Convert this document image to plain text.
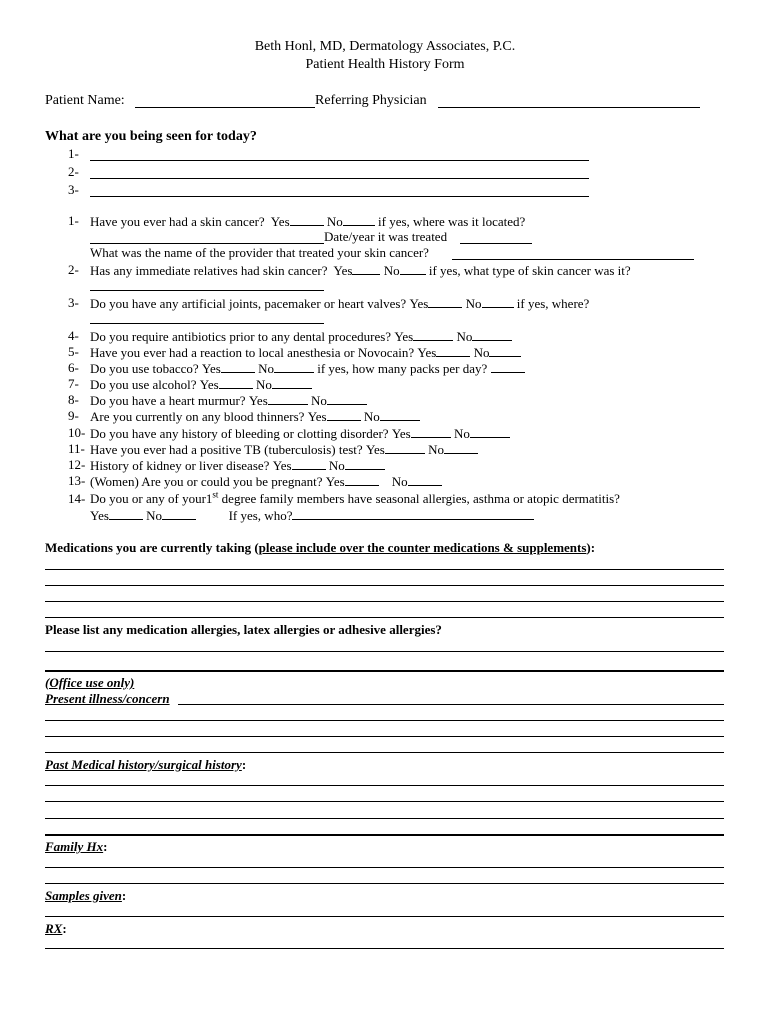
Beth Honl, MD, Dermatology Associates, P.C.
Patient Health History Form
Patient Name:	Referring Physician
What are you being seen for today?
1-
2-
3-
1- Have you ever had a skin cancer? Yes	No	if yes, where was it located?
Date/year it was treated
What was the name of the provider that treated your skin cancer?
2- Has any immediate relatives had skin cancer? Yes No if yes, what type of skin cancer was it?
3- Do you have any artificial joints, pacemaker or heart valves? Yes	No	if yes, where?
4- Do you require antibiotics prior to any dental procedures? Yes	No
5- Have you ever had a reaction to local anesthesia or Novocain? Yes	No
6- Do you use tobacco? Yes	No	if yes, how many packs per day?
7- Do you use alcohol? Yes	No
8- Do you have a heart murmur? Yes	No
9- Are you currently on any blood thinners? Yes	No
10- Do you have any history of bleeding or clotting disorder? Yes	No
11- Have you ever had a positive TB (tuberculosis) test? Yes	No
12- History of kidney or liver disease? Yes	No
13- (Women) Are you or could you be pregnant? Yes	No
14- Do you or any of your1st degree family members have seasonal allergies, asthma or atopic dermatitis?
Yes	No	If yes, who?
Medications you are currently taking (please include over the counter medications & supplements):
Please list any medication allergies, latex allergies or adhesive allergies?
(Office use only)
Present illness/concern
Past Medical history/surgical history:
Family Hx:
Samples given:
RX:
